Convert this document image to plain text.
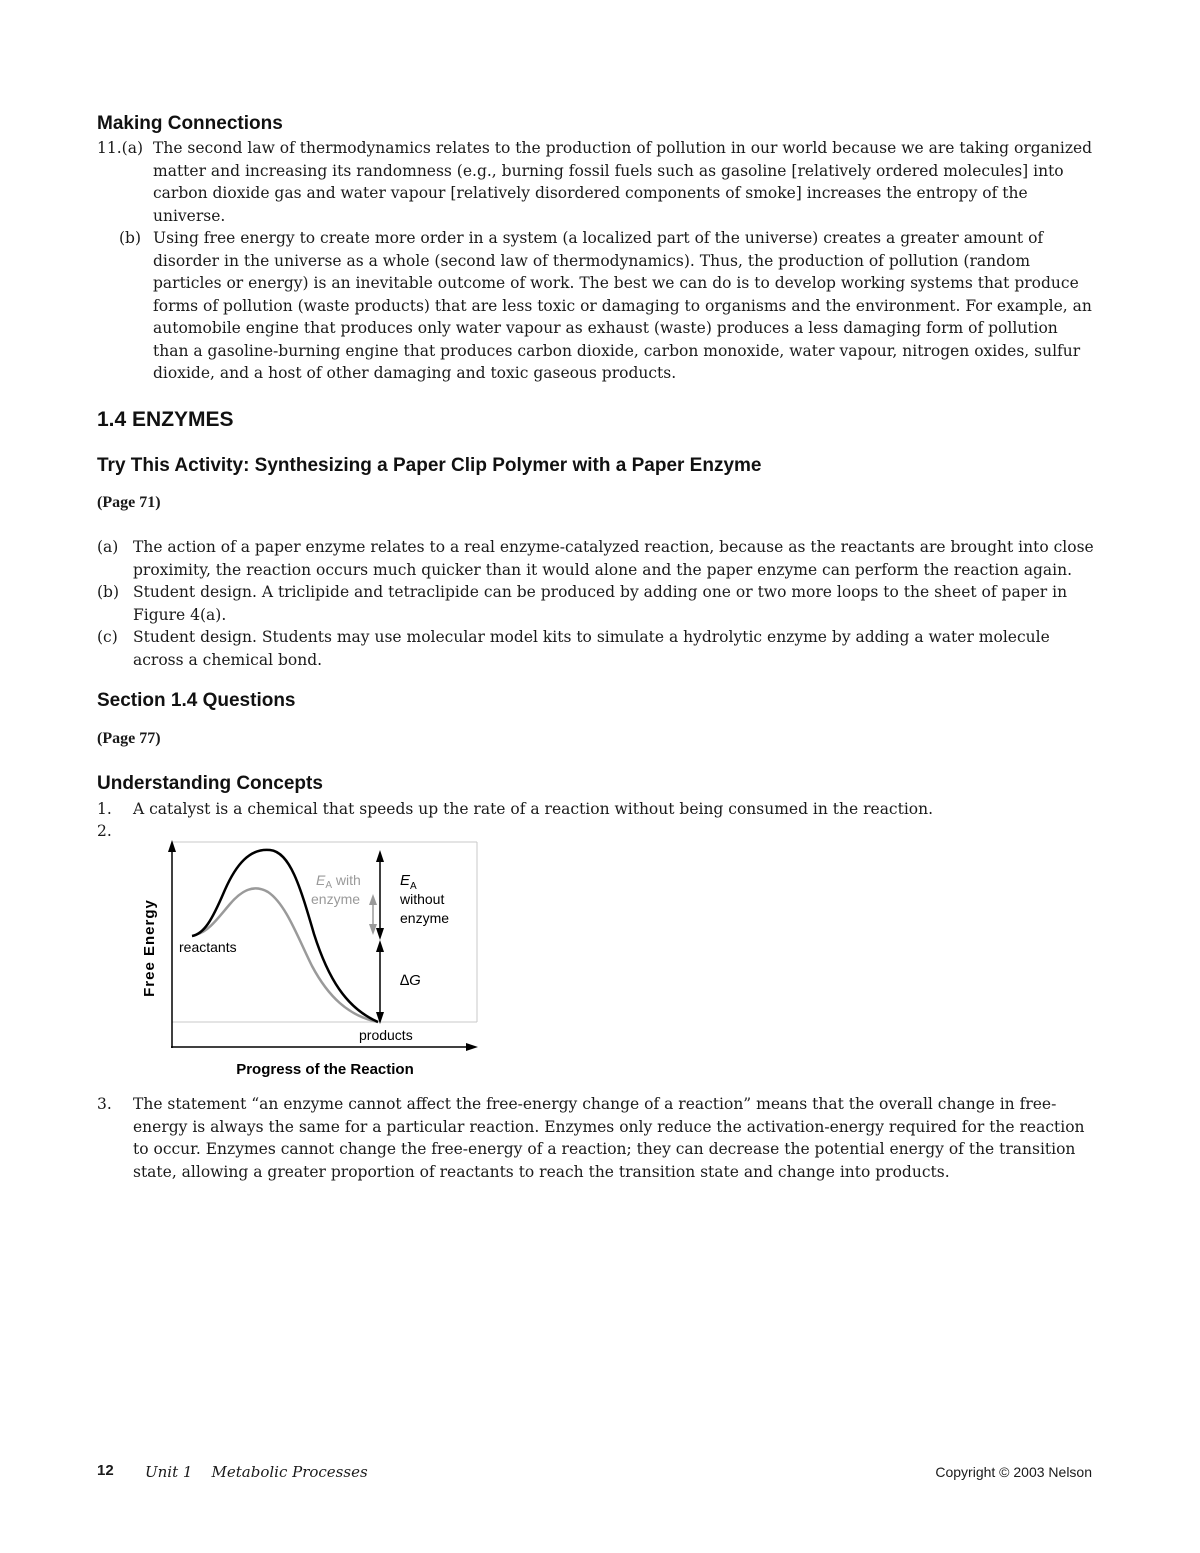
Making Connections
11.(a) The second law of thermodynamics relates to the production of pollution in our world because we are taking organized matter and increasing its randomness (e.g., burning fossil fuels such as gasoline [relatively ordered molecules] into carbon dioxide gas and water vapour [relatively disordered components of smoke] increases the entropy of the universe.
(b) Using free energy to create more order in a system (a localized part of the universe) creates a greater amount of disorder in the universe as a whole (second law of thermodynamics). Thus, the production of pollution (random particles or energy) is an inevitable outcome of work. The best we can do is to develop working systems that produce forms of pollution (waste products) that are less toxic or damaging to organisms and the environment. For example, an automobile engine that produces only water vapour as exhaust (waste) produces a less damaging form of pollution than a gasoline-burning engine that produces carbon dioxide, carbon monoxide, water vapour, nitrogen oxides, sulfur dioxide, and a host of other damaging and toxic gaseous products.
1.4 ENZYMES
Try This Activity: Synthesizing a Paper Clip Polymer with a Paper Enzyme
(Page 71)
(a) The action of a paper enzyme relates to a real enzyme-catalyzed reaction, because as the reactants are brought into close proximity, the reaction occurs much quicker than it would alone and the paper enzyme can perform the reaction again.
(b) Student design. A triclipide and tetraclipide can be produced by adding one or two more loops to the sheet of paper in Figure 4(a).
(c) Student design. Students may use molecular model kits to simulate a hydrolytic enzyme by adding a water molecule across a chemical bond.
Section 1.4 Questions
(Page 77)
Understanding Concepts
1.	A catalyst is a chemical that speeds up the rate of a reaction without being consumed in the reaction.
2.
Free Energy reactants
products
$E_A$ with
enzyme
$E_A$
without
enzyme
∆G
Progress of the Reaction
3.	The statement “an enzyme cannot affect the free-energy change of a reaction” means that the overall change in free-energy is always the same for a particular reaction. Enzymes only reduce the activation-energy required for the reaction to occur. Enzymes cannot change the free-energy of a reaction; they can decrease the potential energy of the transition state, allowing a greater proportion of reactants to reach the transition state and change into products.
12 Unit 1    Metabolic Processes	Copyright © 2003 Nelson
